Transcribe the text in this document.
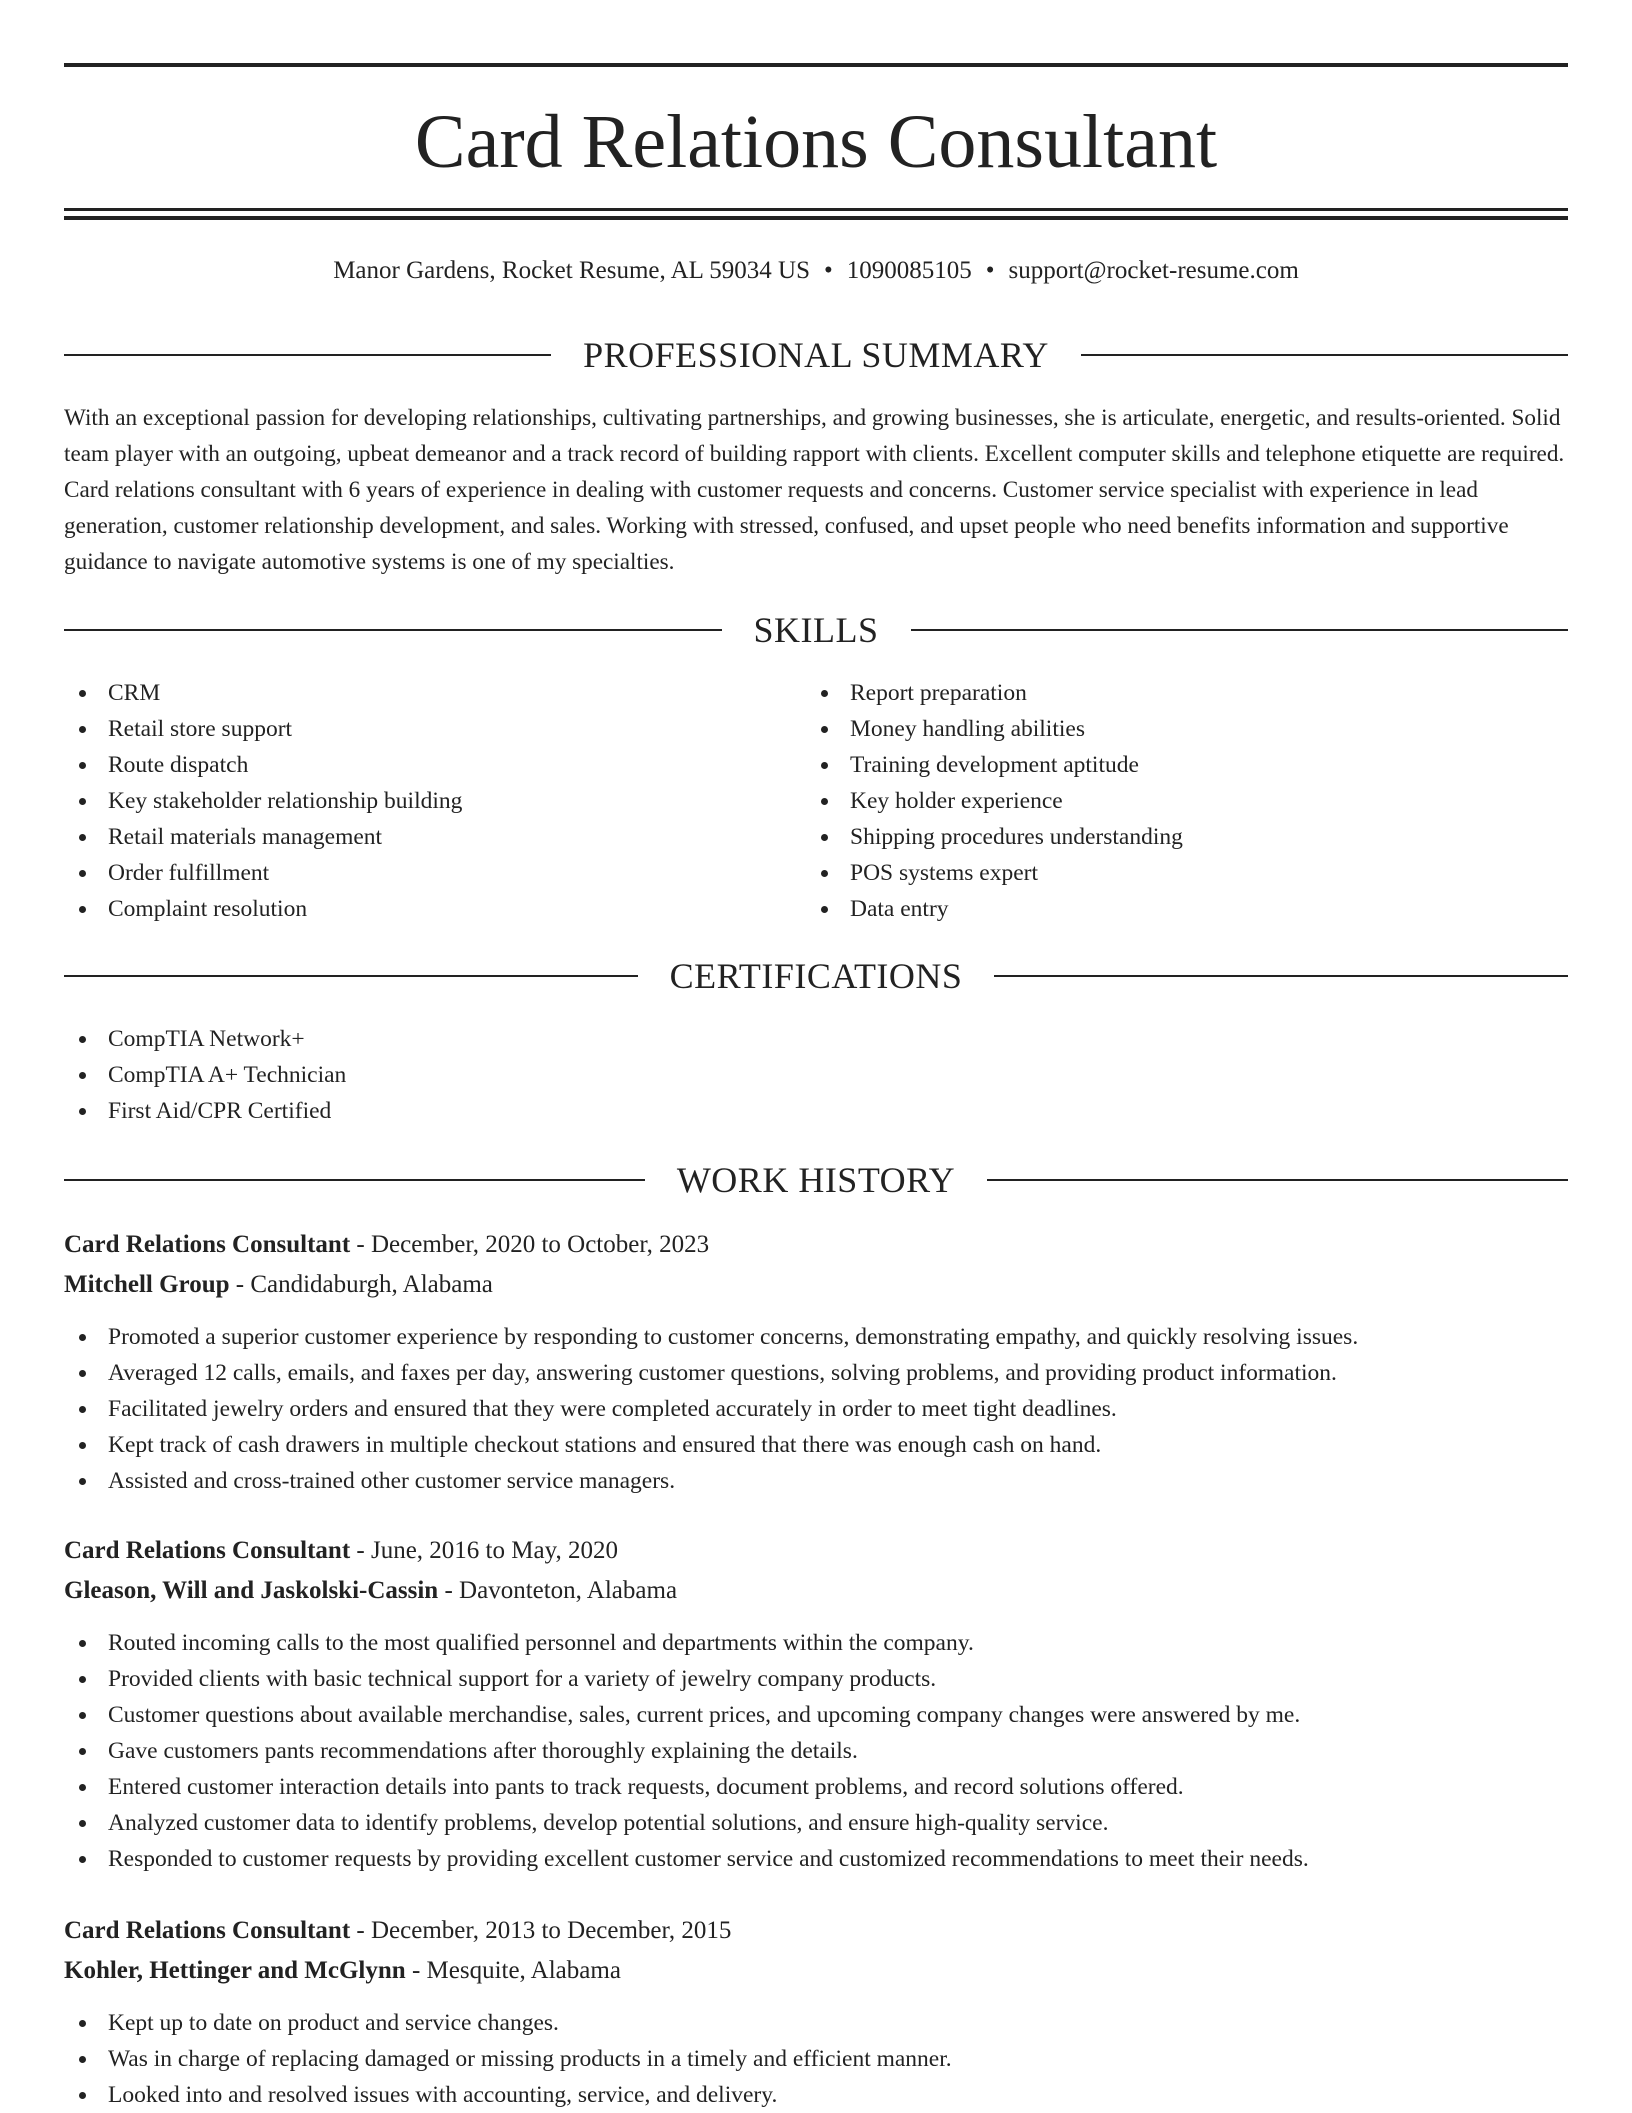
Card Relations Consultant
Manor Gardens, Rocket Resume, AL 59034 US • 1090085105 • support@rocket-resume.com
PROFESSIONAL SUMMARY

With an exceptional passion for developing relationships, cultivating partnerships, and growing businesses, she is articulate, energetic, and results-oriented. Solid team player with an outgoing, upbeat demeanor and a track record of building rapport with clients. Excellent computer skills and telephone etiquette are required. Card relations consultant with 6 years of experience in dealing with customer requests and concerns. Customer service specialist with experience in lead generation, customer relationship development, and sales. Working with stressed, confused, and upset people who need benefits information and supportive guidance to navigate automotive systems is one of my specialties.

SKILLS
CRM
Retail store support
Route dispatch
Key stakeholder relationship building
Retail materials management
Order fulfillment
Complaint resolution
Report preparation
Money handling abilities
Training development aptitude
Key holder experience
Shipping procedures understanding
POS systems expert
Data entry
CERTIFICATIONS
CompTIA Network+
CompTIA A+ Technician
First Aid/CPR Certified
WORK HISTORY
Card Relations Consultant - December, 2020 to October, 2023
Mitchell Group - Candidaburgh, Alabama
Promoted a superior customer experience by responding to customer concerns, demonstrating empathy, and quickly resolving issues.
Averaged 12 calls, emails, and faxes per day, answering customer questions, solving problems, and providing product information.
Facilitated jewelry orders and ensured that they were completed accurately in order to meet tight deadlines.
Kept track of cash drawers in multiple checkout stations and ensured that there was enough cash on hand.
Assisted and cross-trained other customer service managers.
Card Relations Consultant - June, 2016 to May, 2020
Gleason, Will and Jaskolski-Cassin - Davonteton, Alabama
Routed incoming calls to the most qualified personnel and departments within the company.
Provided clients with basic technical support for a variety of jewelry company products.
Customer questions about available merchandise, sales, current prices, and upcoming company changes were answered by me.
Gave customers pants recommendations after thoroughly explaining the details.
Entered customer interaction details into pants to track requests, document problems, and record solutions offered.
Analyzed customer data to identify problems, develop potential solutions, and ensure high-quality service.
Responded to customer requests by providing excellent customer service and customized recommendations to meet their needs.
Card Relations Consultant - December, 2013 to December, 2015
Kohler, Hettinger and McGlynn - Mesquite, Alabama
Kept up to date on product and service changes.
Was in charge of replacing damaged or missing products in a timely and efficient manner.
Looked into and resolved issues with accounting, service, and delivery.
